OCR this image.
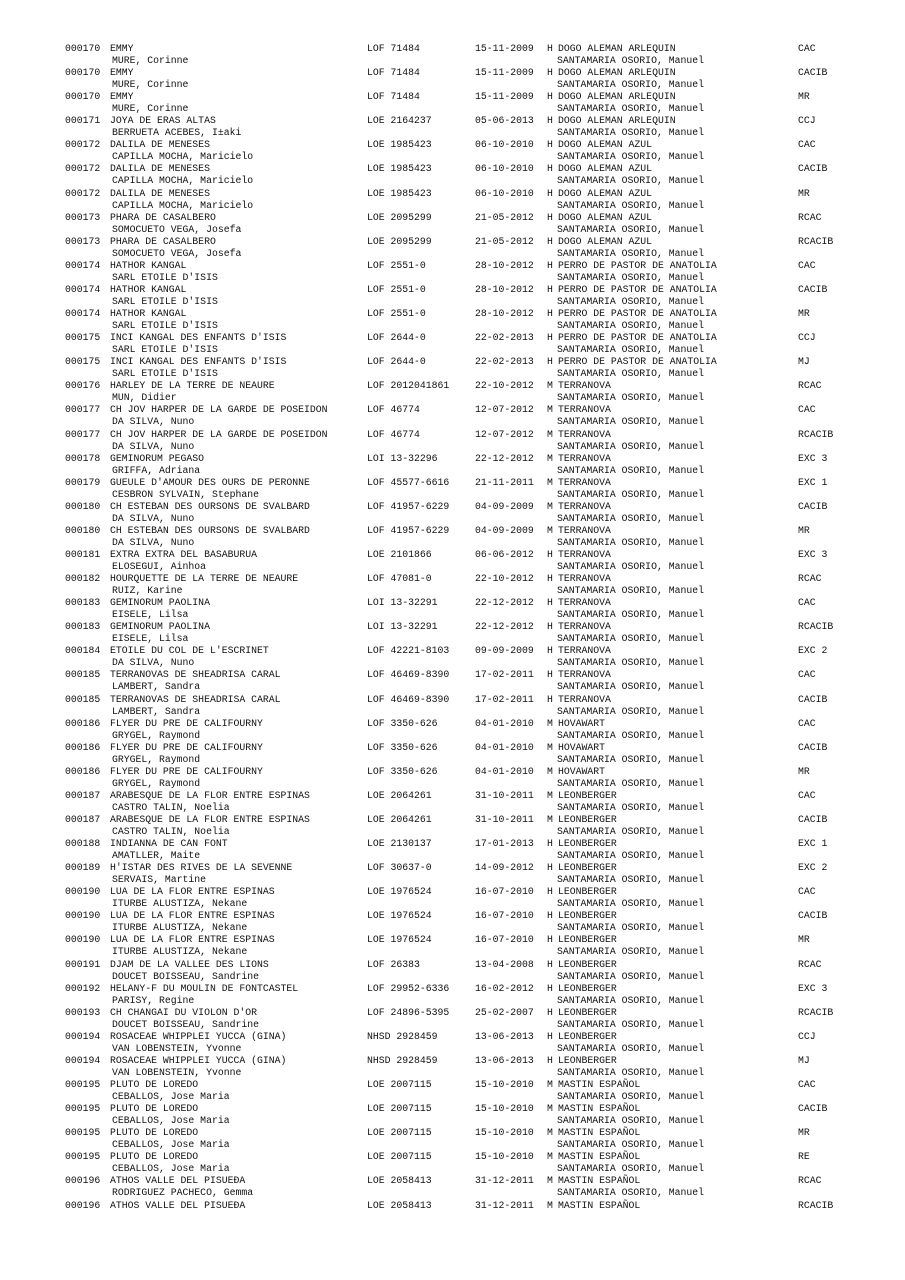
000170 EMMY
MURE, Corinne
LOF 71484	15-11-2009 H DOGO ALEMAN ARLEQUIN
SANTAMARIA OSORIO, Manuel
CAC
000170 EMMY
MURE, Corinne
LOF 71484	15-11-2009 H DOGO ALEMAN ARLEQUIN
SANTAMARIA OSORIO, Manuel
CACIB
000170 EMMY
MURE, Corinne
LOF 71484	15-11-2009 H DOGO ALEMAN ARLEQUIN
SANTAMARIA OSORIO, Manuel
MR
000171 JOYA DE ERAS ALTAS
BERRUETA ACEBES, I±aki
LOE 2164237	05-06-2013 H DOGO ALEMAN ARLEQUIN
SANTAMARIA OSORIO, Manuel
CCJ
000172 DALILA DE MENESES
CAPILLA MOCHA, Maricielo
LOE 1985423	06-10-2010 H DOGO ALEMAN AZUL
SANTAMARIA OSORIO, Manuel
CAC
000172 DALILA DE MENESES
CAPILLA MOCHA, Maricielo
LOE 1985423	06-10-2010 H DOGO ALEMAN AZUL
SANTAMARIA OSORIO, Manuel
CACIB
000172 DALILA DE MENESES
CAPILLA MOCHA, Maricielo
LOE 1985423	06-10-2010 H DOGO ALEMAN AZUL
SANTAMARIA OSORIO, Manuel
MR
000173 PHARA DE CASALBERO
SOMOCUETO VEGA, Josefa
LOE 2095299	21-05-2012 H DOGO ALEMAN AZUL
SANTAMARIA OSORIO, Manuel
RCAC
000173 PHARA DE CASALBERO
SOMOCUETO VEGA, Josefa
LOE 2095299	21-05-2012 H DOGO ALEMAN AZUL
SANTAMARIA OSORIO, Manuel
RCACIB
000174 HATHOR KANGAL
SARL ETOILE D'ISIS
LOF 2551-0	28-10-2012 H PERRO DE PASTOR DE ANATOLIA
SANTAMARIA OSORIO, Manuel
CAC
000174 HATHOR KANGAL
SARL ETOILE D'ISIS
LOF 2551-0	28-10-2012 H PERRO DE PASTOR DE ANATOLIA
SANTAMARIA OSORIO, Manuel
CACIB
000174 HATHOR KANGAL
SARL ETOILE D'ISIS
LOF 2551-0	28-10-2012 H PERRO DE PASTOR DE ANATOLIA
SANTAMARIA OSORIO, Manuel
MR
000175 INCI KANGAL DES ENFANTS D'ISIS
SARL ETOILE D'ISIS
LOF 2644-0	22-02-2013 H PERRO DE PASTOR DE ANATOLIA
SANTAMARIA OSORIO, Manuel
CCJ
000175 INCI KANGAL DES ENFANTS D'ISIS
SARL ETOILE D'ISIS
LOF 2644-0	22-02-2013 H PERRO DE PASTOR DE ANATOLIA
SANTAMARIA OSORIO, Manuel
MJ
000176 HARLEY DE LA TERRE DE NEAURE
MUN, Didier
LOF 2012041861	22-10-2012 M TERRANOVA
SANTAMARIA OSORIO, Manuel
RCAC
000177 CH JOV HARPER DE LA GARDE DE POSEIDON
DA SILVA, Nuno
LOF 46774	12-07-2012 M TERRANOVA
SANTAMARIA OSORIO, Manuel
CAC
000177 CH JOV HARPER DE LA GARDE DE POSEIDON
DA SILVA, Nuno
LOF 46774	12-07-2012 M TERRANOVA
SANTAMARIA OSORIO, Manuel
RCACIB
000178 GEMINORUM PEGASO
GRIFFA, Adriana
LOI 13-32296	22-12-2012 M TERRANOVA
SANTAMARIA OSORIO, Manuel
EXC 3
000179 GUEULE D'AMOUR DES OURS DE PERONNE
CESBRON SYLVAIN, Stephane
LOF 45577-6616	21-11-2011 M TERRANOVA
SANTAMARIA OSORIO, Manuel
EXC 1
000180 CH ESTEBAN DES OURSONS DE SVALBARD
DA SILVA, Nuno
LOF 41957-6229	04-09-2009 M TERRANOVA
SANTAMARIA OSORIO, Manuel
CACIB
000180 CH ESTEBAN DES OURSONS DE SVALBARD
DA SILVA, Nuno
LOF 41957-6229	04-09-2009 M TERRANOVA
SANTAMARIA OSORIO, Manuel
MR
000181 EXTRA EXTRA DEL BASABURUA
ELOSEGUI, Ainhoa
LOE 2101866	06-06-2012 H TERRANOVA
SANTAMARIA OSORIO, Manuel
EXC 3
000182 HOURQUETTE DE LA TERRE DE NEAURE
RUIZ, Karine
LOF 47081-0	22-10-2012 H TERRANOVA
SANTAMARIA OSORIO, Manuel
RCAC
000183 GEMINORUM PAOLINA
EISELE, Lilsa
LOI 13-32291	22-12-2012 H TERRANOVA
SANTAMARIA OSORIO, Manuel
CAC
000183 GEMINORUM PAOLINA
EISELE, Lilsa
LOI 13-32291	22-12-2012 H TERRANOVA
SANTAMARIA OSORIO, Manuel
RCACIB
000184 ETOILE DU COL DE L'ESCRINET
DA SILVA, Nuno
LOF 42221-8103	09-09-2009 H TERRANOVA
SANTAMARIA OSORIO, Manuel
EXC 2
000185 TERRANOVAS DE SHEADRISA CARAL
LAMBERT, Sandra
LOF 46469-8390	17-02-2011 H TERRANOVA
SANTAMARIA OSORIO, Manuel
CAC
000185 TERRANOVAS DE SHEADRISA CARAL
LAMBERT, Sandra
LOF 46469-8390	17-02-2011 H TERRANOVA
SANTAMARIA OSORIO, Manuel
CACIB
000186 FLYER DU PRE DE CALIFOURNY
GRYGEL, Raymond
LOF 3350-626	04-01-2010 M HOVAWART
SANTAMARIA OSORIO, Manuel
CAC
000186 FLYER DU PRE DE CALIFOURNY
GRYGEL, Raymond
LOF 3350-626	04-01-2010 M HOVAWART
SANTAMARIA OSORIO, Manuel
CACIB
000186 FLYER DU PRE DE CALIFOURNY
GRYGEL, Raymond
LOF 3350-626	04-01-2010 M HOVAWART
SANTAMARIA OSORIO, Manuel
MR
000187 ARABESQUE DE LA FLOR ENTRE ESPINAS
CASTRO TALIN, Noelia
LOE 2064261	31-10-2011 M LEONBERGER
SANTAMARIA OSORIO, Manuel
CAC
000187 ARABESQUE DE LA FLOR ENTRE ESPINAS
CASTRO TALIN, Noelia
LOE 2064261	31-10-2011 M LEONBERGER
SANTAMARIA OSORIO, Manuel
CACIB
000188 INDIANNA DE CAN FONT
AMATLLER, Maite
LOE 2130137	17-01-2013 H LEONBERGER
SANTAMARIA OSORIO, Manuel
EXC 1
000189 H'ISTAR DES RIVES DE LA SEVENNE
SERVAIS, Martine
LOF 30637-0	14-09-2012 H LEONBERGER
SANTAMARIA OSORIO, Manuel
EXC 2
000190 LUA DE LA FLOR ENTRE ESPINAS
ITURBE ALUSTIZA, Nekane
LOE 1976524	16-07-2010 H LEONBERGER
SANTAMARIA OSORIO, Manuel
CAC
000190 LUA DE LA FLOR ENTRE ESPINAS
ITURBE ALUSTIZA, Nekane
LOE 1976524	16-07-2010 H LEONBERGER
SANTAMARIA OSORIO, Manuel
CACIB
000190 LUA DE LA FLOR ENTRE ESPINAS
ITURBE ALUSTIZA, Nekane
LOE 1976524	16-07-2010 H LEONBERGER
SANTAMARIA OSORIO, Manuel
MR
000191 DJAM DE LA VALLEE DES LIONS
DOUCET BOISSEAU, Sandrine
LOF 26383	13-04-2008 H LEONBERGER
SANTAMARIA OSORIO, Manuel
RCAC
000192 HELANY-F DU MOULIN DE FONTCASTEL
PARISY, Regine
LOF 29952-6336	16-02-2012 H LEONBERGER
SANTAMARIA OSORIO, Manuel
EXC 3
000193 CH CHANGAI DU VIOLON D'OR
DOUCET BOISSEAU, Sandrine
LOF 24896-5395	25-02-2007 H LEONBERGER
SANTAMARIA OSORIO, Manuel
RCACIB
000194 ROSACEAE WHIPPLEI YUCCA (GINA)
VAN LOBENSTEIN, Yvonne
NHSD 2928459	13-06-2013 H LEONBERGER
SANTAMARIA OSORIO, Manuel
CCJ
000194 ROSACEAE WHIPPLEI YUCCA (GINA)
VAN LOBENSTEIN, Yvonne
NHSD 2928459	13-06-2013 H LEONBERGER
SANTAMARIA OSORIO, Manuel
MJ
000195 PLUTO DE LOREDO
CEBALLOS, Jose Maria
LOE 2007115	15-10-2010 M MASTIN ESPAÑOL
SANTAMARIA OSORIO, Manuel
CAC
000195 PLUTO DE LOREDO
CEBALLOS, Jose Maria
LOE 2007115	15-10-2010 M MASTIN ESPAÑOL
SANTAMARIA OSORIO, Manuel
CACIB
000195 PLUTO DE LOREDO
CEBALLOS, Jose Maria
LOE 2007115	15-10-2010 M MASTIN ESPAÑOL
SANTAMARIA OSORIO, Manuel
MR
000195 PLUTO DE LOREDO
CEBALLOS, Jose Maria
LOE 2007115	15-10-2010 M MASTIN ESPAÑOL
SANTAMARIA OSORIO, Manuel
RE
000196 ATHOS VALLE DEL PISUEÐA
RODRIGUEZ PACHECO, Gemma
LOE 2058413	31-12-2011 M MASTIN ESPAÑOL
SANTAMARIA OSORIO, Manuel
RCAC
000196 ATHOS VALLE DEL PISUEÐA	LOE 2058413	31-12-2011 M MASTIN ESPAÑOL	RCACIB
